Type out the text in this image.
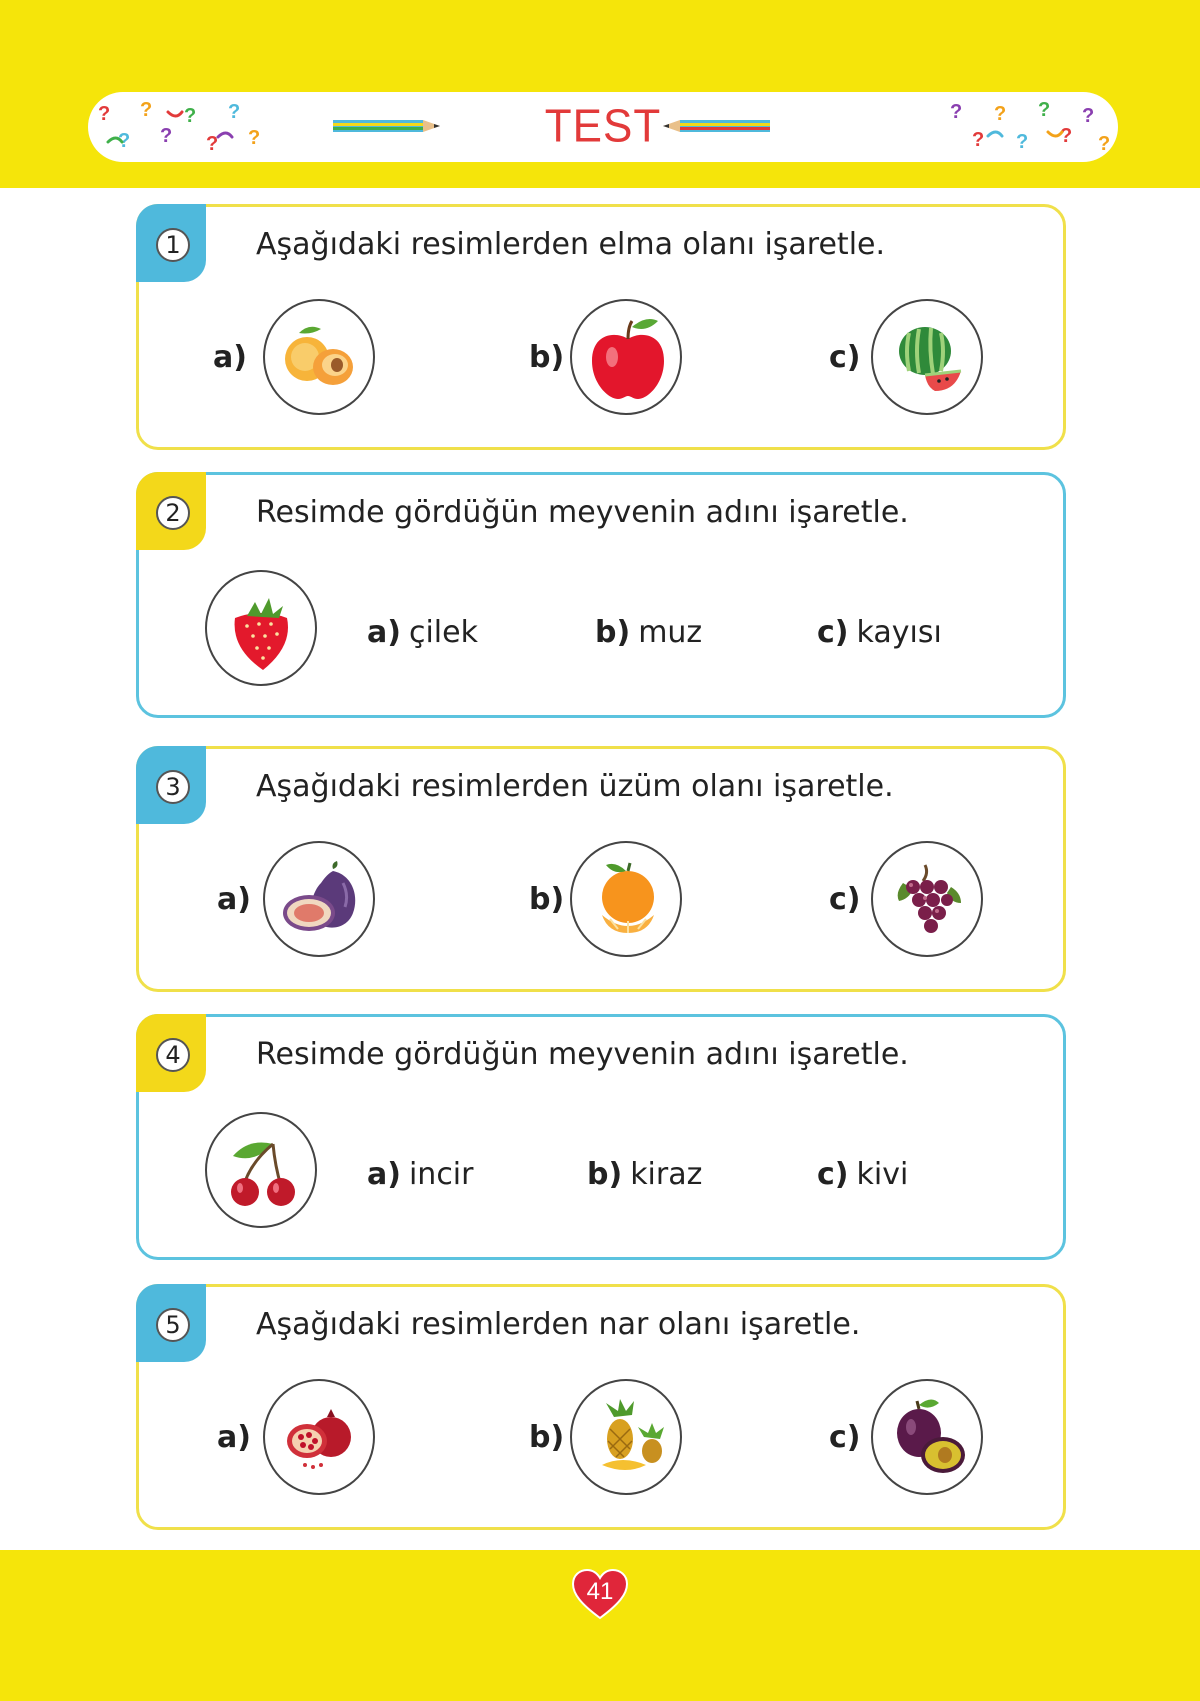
?
?
?
?
?
?
?
?
?
?
?
?
?
?
?
?
TEST
1	Aşağıdaki resimlerden elma olanı işaretle.
a)	b)	c)
2	Resimde gördüğün meyvenin adını işaretle.
a) çilek	b) muz	c) kayısı
3	Aşağıdaki resimlerden üzüm olanı işaretle.
a)	b)	c)
4	Resimde gördüğün meyvenin adını işaretle.
a) incir	b) kiraz	c) kivi
5	Aşağıdaki resimlerden nar olanı işaretle.
a)	b)	c)
41
